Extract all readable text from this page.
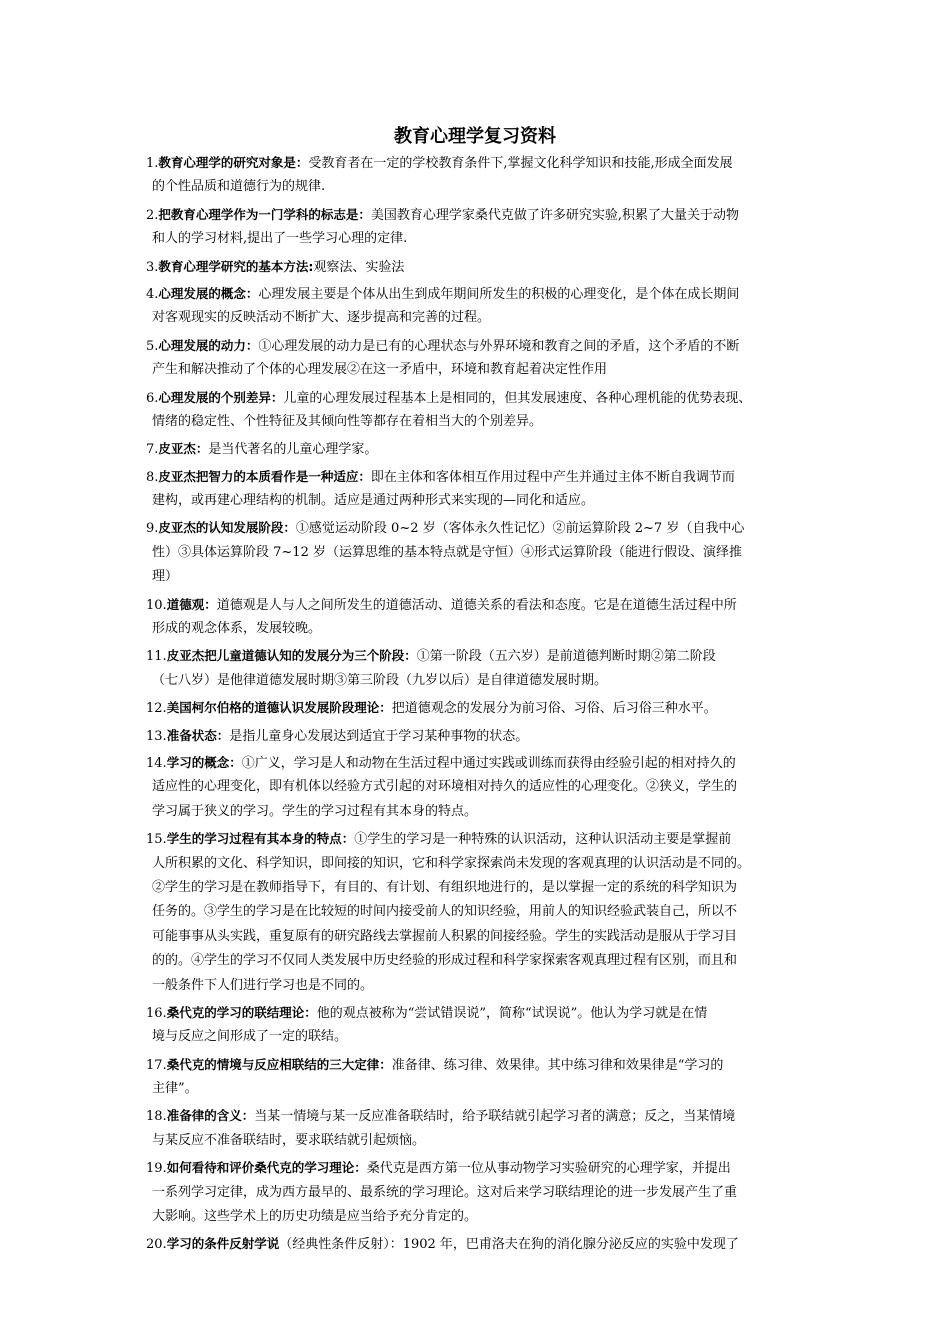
教育心理学复习资料
1.教育心理学的研究对象是：受教育者在一定的学校教育条件下,掌握文化科学知识和技能,形成全面发展
的个性品质和道德行为的规律.
2.把教育心理学作为一门学科的标志是：美国教育心理学家桑代克做了许多研究实验,积累了大量关于动物
和人的学习材料,提出了一些学习心理的定律.
3.教育心理学研究的基本方法:观察法、实验法
4.心理发展的概念：心理发展主要是个体从出生到成年期间所发生的积极的心理变化，是个体在成长期间
对客观现实的反映活动不断扩大、逐步提高和完善的过程。
5.心理发展的动力：①心理发展的动力是已有的心理状态与外界环境和教育之间的矛盾，这个矛盾的不断
产生和解决推动了个体的心理发展②在这一矛盾中，环境和教育起着决定性作用
6.心理发展的个别差异：儿童的心理发展过程基本上是相同的，但其发展速度、各种心理机能的优势表现、
情绪的稳定性、个性特征及其倾向性等都存在着相当大的个别差异。
7.皮亚杰：是当代著名的儿童心理学家。
8.皮亚杰把智力的本质看作是一种适应：即在主体和客体相互作用过程中产生并通过主体不断自我调节而
建构，或再建心理结构的机制。适应是通过两种形式来实现的—同化和适应。
9.皮亚杰的认知发展阶段：①感觉运动阶段 0~2 岁（客体永久性记忆）②前运算阶段 2~7 岁（自我中心
性）③具体运算阶段 7~12 岁（运算思维的基本特点就是守恒）④形式运算阶段（能进行假设、演绎推
理）
10.道德观：道德观是人与人之间所发生的道德活动、道德关系的看法和态度。它是在道德生活过程中所
形成的观念体系，发展较晚。
11.皮亚杰把儿童道德认知的发展分为三个阶段：①第一阶段（五六岁）是前道德判断时期②第二阶段
（七八岁）是他律道德发展时期③第三阶段（九岁以后）是自律道德发展时期。
12.美国柯尔伯格的道德认识发展阶段理论：把道德观念的发展分为前习俗、习俗、后习俗三种水平。
13.准备状态：是指儿童身心发展达到适宜于学习某种事物的状态。
14.学习的概念：①广义，学习是人和动物在生活过程中通过实践或训练而获得由经验引起的相对持久的
适应性的心理变化，即有机体以经验方式引起的对环境相对持久的适应性的心理变化。②狭义，学生的
学习属于狭义的学习。学生的学习过程有其本身的特点。
15.学生的学习过程有其本身的特点：①学生的学习是一种特殊的认识活动，这种认识活动主要是掌握前
人所积累的文化、科学知识，即间接的知识，它和科学家探索尚未发现的客观真理的认识活动是不同的。
②学生的学习是在教师指导下，有目的、有计划、有组织地进行的，是以掌握一定的系统的科学知识为
任务的。③学生的学习是在比较短的时间内接受前人的知识经验，用前人的知识经验武装自己，所以不
可能事事从头实践，重复原有的研究路线去掌握前人积累的间接经验。学生的实践活动是服从于学习目
的的。④学生的学习不仅同人类发展中历史经验的形成过程和科学家探索客观真理过程有区别，而且和
一般条件下人们进行学习也是不同的。
16.桑代克的学习的联结理论：他的观点被称为“尝试错误说”，简称“试误说”。他认为学习就是在情
境与反应之间形成了一定的联结。
17.桑代克的情境与反应相联结的三大定律：准备律、练习律、效果律。其中练习律和效果律是“学习的
主律”。
18.准备律的含义：当某一情境与某一反应准备联结时，给予联结就引起学习者的满意；反之，当某情境
与某反应不准备联结时，要求联结就引起烦恼。
19.如何看待和评价桑代克的学习理论：桑代克是西方第一位从事动物学习实验研究的心理学家，并提出
一系列学习定律，成为西方最早的、最系统的学习理论。这对后来学习联结理论的进一步发展产生了重
大影响。这些学术上的历史功绩是应当给予充分肯定的。
20.学习的条件反射学说（经典性条件反射）：1902 年，巴甫洛夫在狗的消化腺分泌反应的实验中发现了
